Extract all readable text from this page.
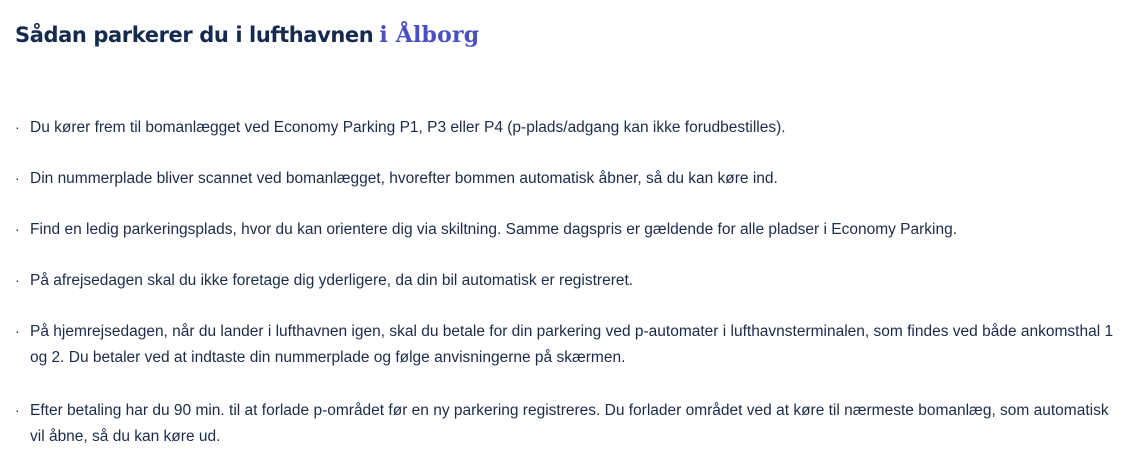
Sådan parkerer du i lufthavnen i Ålborg
· Du kører frem til bomanlægget ved Economy Parking P1, P3 eller P4 (p-plads/adgang kan ikke forudbestilles).
· Din nummerplade bliver scannet ved bomanlægget, hvorefter bommen automatisk åbner, så du kan køre ind.
· Find en ledig parkeringsplads, hvor du kan orientere dig via skiltning. Samme dagspris er gældende for alle pladser i Economy Parking.
· På afrejsedagen skal du ikke foretage dig yderligere, da din bil automatisk er registreret.
· På hjemrejsedagen, når du lander i lufthavnen igen, skal du betale for din parkering ved p-automater i lufthavnsterminalen, som findes ved både ankomsthal 1 og 2. Du betaler ved at indtaste din nummerplade og følge anvisningerne på skærmen.
· Efter betaling har du 90 min. til at forlade p-området før en ny parkering registreres. Du forlader området ved at køre til nærmeste bomanlæg, som automatisk vil åbne, så du kan køre ud.
